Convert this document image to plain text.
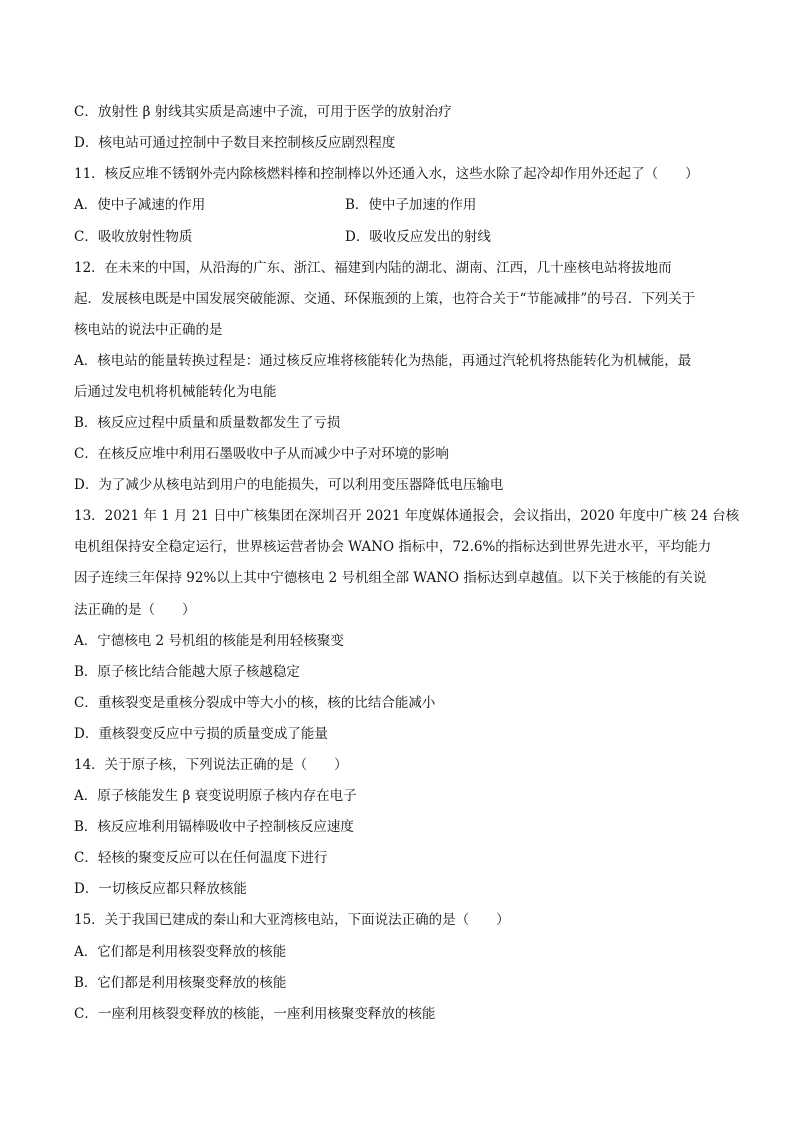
C．放射性 β 射线其实质是高速中子流，可用于医学的放射治疗
D．核电站可通过控制中子数目来控制核反应剧烈程度
11．核反应堆不锈钢外壳内除核燃料棒和控制棒以外还通入水，这些水除了起冷却作用外还起了（　　）
A．使中子减速的作用	B．使中子加速的作用
C．吸收放射性物质	D．吸收反应发出的射线
12．在未来的中国，从沿海的广东、浙江、福建到内陆的湖北、湖南、江西，几十座核电站将拔地而
起．发展核电既是中国发展突破能源、交通、环保瓶颈的上策，也符合关于“节能减排”的号召．下列关于
核电站的说法中正确的是
A．核电站的能量转换过程是：通过核反应堆将核能转化为热能，再通过汽轮机将热能转化为机械能，最
后通过发电机将机械能转化为电能
B．核反应过程中质量和质量数都发生了亏损
C．在核反应堆中利用石墨吸收中子从而减少中子对环境的影响
D．为了减少从核电站到用户的电能损失，可以利用变压器降低电压输电
13．2021 年 1 月 21 日中广核集团在深圳召开 2021 年度媒体通报会，会议指出，2020 年度中广核 24 台核
电机组保持安全稳定运行，世界核运营者协会 WANO 指标中，72.6%的指标达到世界先进水平，平均能力
因子连续三年保持 92%以上其中宁德核电 2 号机组全部 WANO 指标达到卓越值。以下关于核能的有关说
法正确的是（　　）
A．宁德核电 2 号机组的核能是利用轻核聚变
B．原子核比结合能越大原子核越稳定
C．重核裂变是重核分裂成中等大小的核，核的比结合能减小
D．重核裂变反应中亏损的质量变成了能量
14．关于原子核，下列说法正确的是（　　）
A．原子核能发生 β 衰变说明原子核内存在电子
B．核反应堆利用镉棒吸收中子控制核反应速度
C．轻核的聚变反应可以在任何温度下进行
D．一切核反应都只释放核能
15．关于我国已建成的秦山和大亚湾核电站，下面说法正确的是（　　）
A．它们都是利用核裂变释放的核能
B．它们都是利用核聚变释放的核能
C．一座利用核裂变释放的核能，一座利用核聚变释放的核能
